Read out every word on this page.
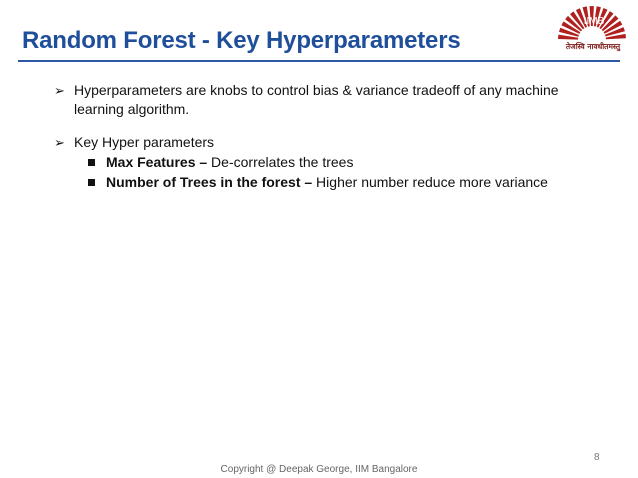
Random Forest - Key Hyperparameters
IIMB
तेजस्वि नावधीतमस्तु
➢ Hyperparameters are knobs to control bias & variance tradeoff of any machine learning algorithm.
➢ Key Hyper parameters
Max Features – De-correlates the trees
Number of Trees in the forest – Higher number reduce more variance
8
Copyright @ Deepak George, IIM Bangalore
